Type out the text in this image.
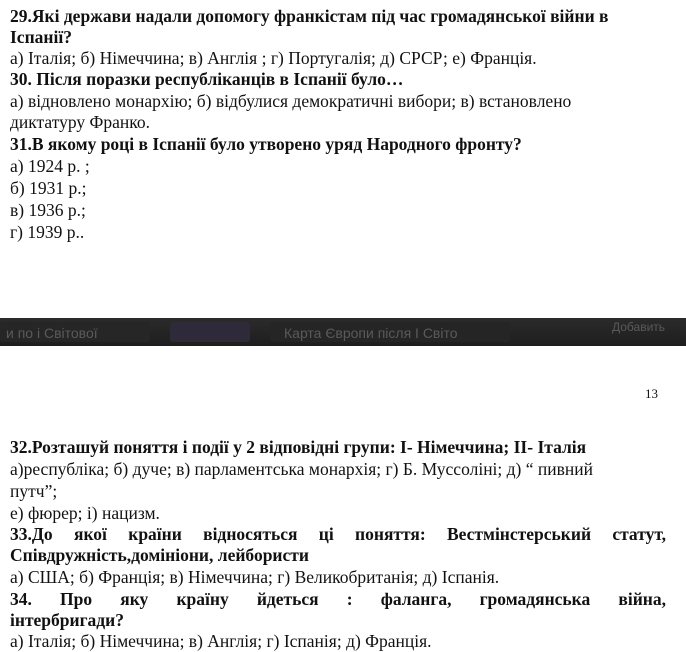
29.Які держави надали допомогу франкістам під час громадянської війни в
Іспанії?
а) Італія; б) Німеччина; в) Англія ; г) Португалія; д) СРСР; е) Франція.
30. Після поразки республіканців в Іспанії було…
а) відновлено монархію; б) відбулися демократичні вибори; в) встановлено
диктатуру Франко.
31.В якому році в Іспанії було утворено уряд Народного фронту?
а) 1924 р. ;
б) 1931 р.;
в) 1936 р.;
г) 1939 р..
и по і Світової	Карта Європи після І Світо	Добавить
13
32.Розташуй поняття і події у 2 відповідні групи: І- Німеччина; ІІ- Італія
а)республіка; б) дуче; в) парламентська монархія; г) Б. Муссоліні; д) “ пивний
путч”;
е) фюрер; і) нацизм.
33.До якої країни відносяться ці поняття: Вестмінстерський статут,
Співдружність,домініони, лейбористи
а) США; б) Франція; в) Німеччина; г) Великобританія; д) Іспанія.
34. Про яку країну йдеться : фаланга, громадянська війна,
інтербригади?
а) Італія; б) Німеччина; в) Англія; г) Іспанія; д) Франція.
